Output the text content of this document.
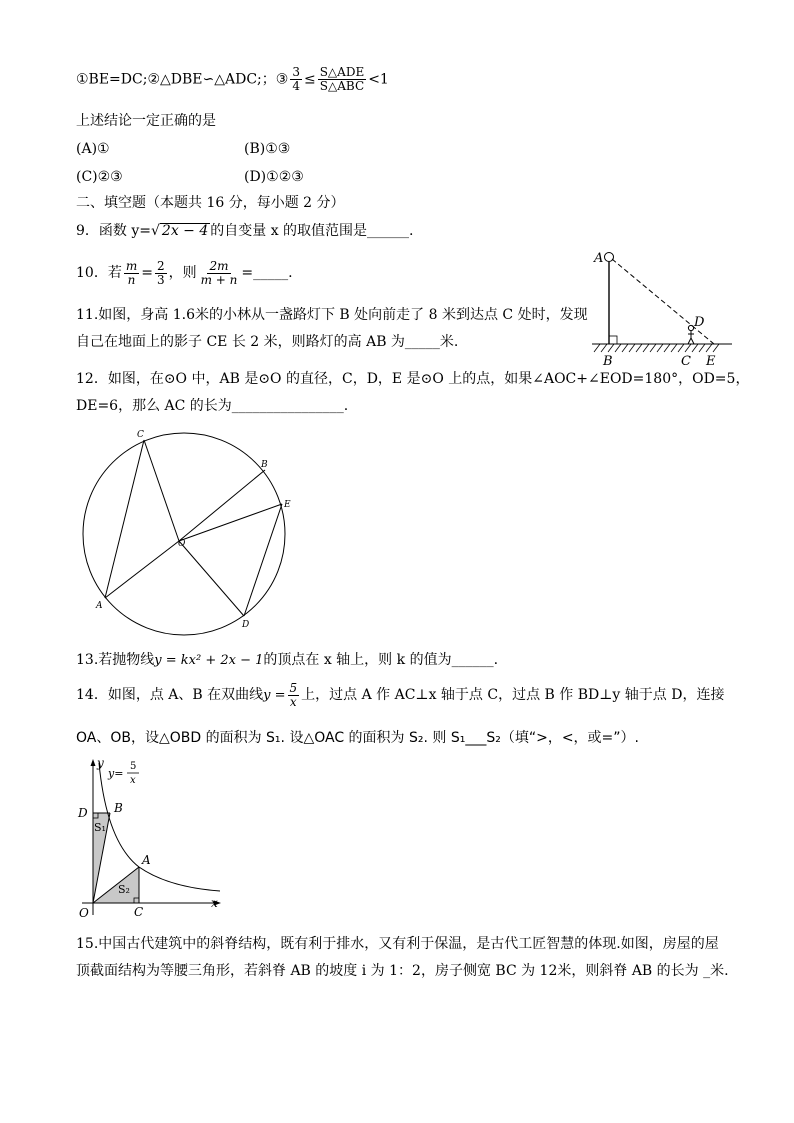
①BE=DC;②△DBE∽△ADC;；③ $\frac{3}{4} \le \frac{\text{S△ADE}}{\text{S△ABC}} <1$
上述结论一定正确的是
(A)①	(B)①③
(C)②③	(D)①②③
二、填空题（本题共 16 分，每小题 2 分）
9．函数 y=√ 2x − 4 的自变量 x 的取值范围是______.
10．若 $\frac{m}{n} = \frac{2}{3}$ ，则 $\frac{2m}{m + n}$ =_____.
11.如图，身高 1.6米的小林从一盏路灯下 B 处向前走了 8 米到达点 C 处时，发现
自己在地面上的影子 CE 长 2 米，则路灯的高 AB 为_____米.
A
D
B	C E
12．如图，在⊙O 中，AB 是⊙O 的直径，C，D，E 是⊙O 上的点，如果∠AOC+∠EOD=180°，OD=5，
DE=6，那么 AC 的长为________________.
C
B
E
O
A
D
13.若抛物线y = kx² + 2x − 1的顶点在 x 轴上，则 k 的值为______.
14．如图，点 A、B 在双曲线$y = \frac{5}{x}$ 上，过点 A 作 AC⊥x 轴于点 C，过点 B 作 BD⊥y 轴于点 D，连接
OA、OB，设△OBD 的面积为 S₁. 设△OAC 的面积为 S₂. 则 S₁___S₂（填“>，<，或=”）.
y
y=
5
x
D B
S₁
A
S₂
O	C
x
15.中国古代建筑中的斜脊结构，既有利于排水，又有利于保温，是古代工匠智慧的体现.如图，房屋的屋
顶截面结构为等腰三角形，若斜脊 AB 的坡度 i 为 1：2，房子侧宽 BC 为 12米，则斜脊 AB 的长为 _米.
